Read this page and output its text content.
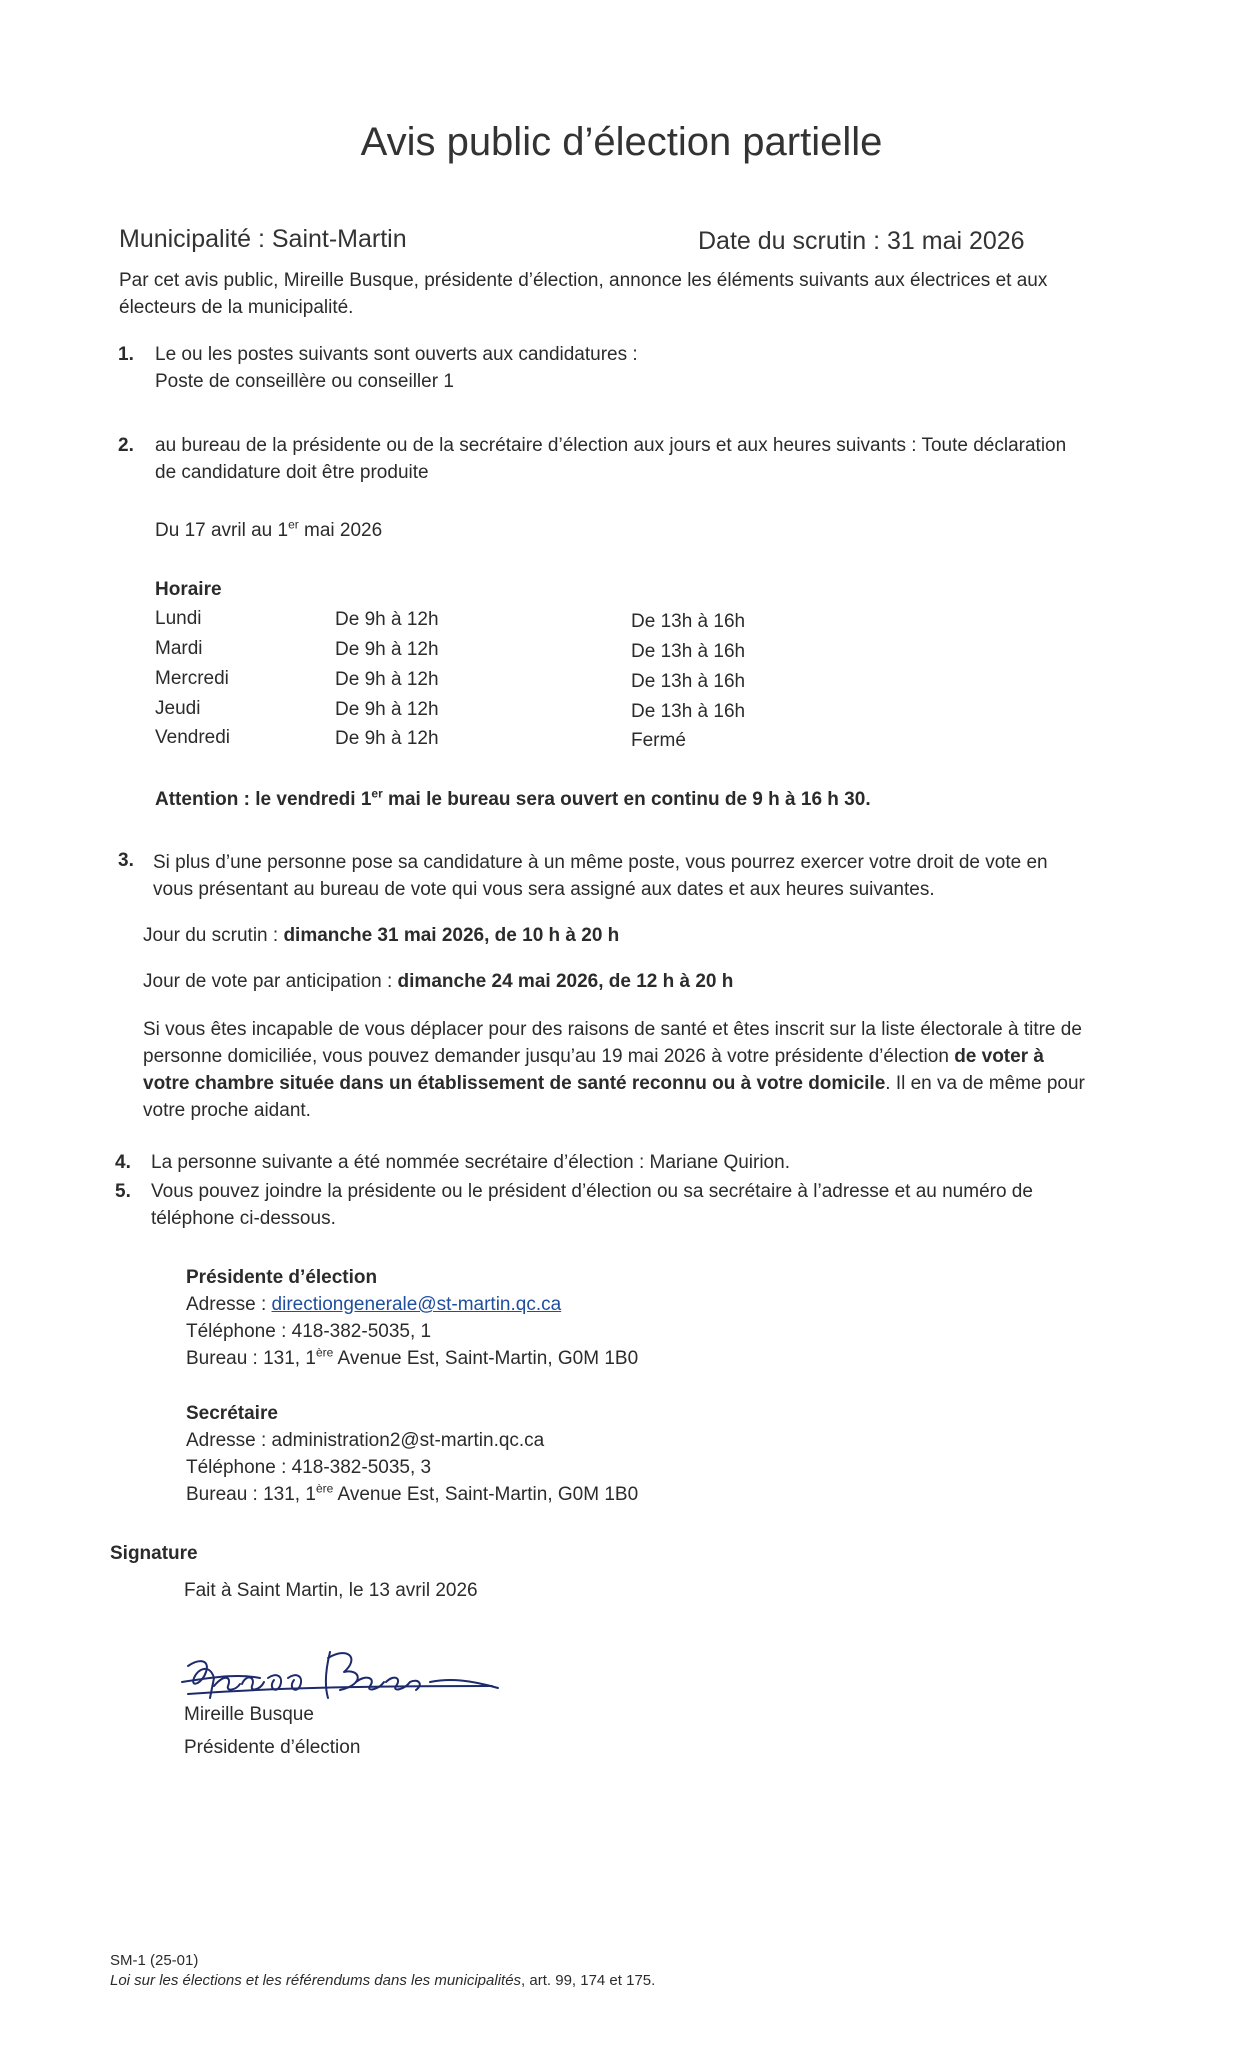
Avis public d’élection partielle
Municipalité : Saint-Martin	Date du scrutin : 31 mai 2026
Par cet avis public, Mireille Busque, présidente d’élection, annonce les éléments suivants aux électrices et aux
électeurs de la municipalité.
1. Le ou les postes suivants sont ouverts aux candidatures :
Poste de conseillère ou conseiller 1
2. au bureau de la présidente ou de la secrétaire d’élection aux jours et aux heures suivants : Toute déclaration
de candidature doit être produite
Du 17 avril au 1er mai 2026
Horaire
Lundi	De 9h à 12h	De 13h à 16h
Mardi	De 9h à 12h	De 13h à 16h
Mercredi	De 9h à 12h	De 13h à 16h
Jeudi	De 9h à 12h	De 13h à 16h
Vendredi	De 9h à 12h	Fermé
Attention : le vendredi 1er mai le bureau sera ouvert en continu de 9 h à 16 h 30.
3. Si plus d’une personne pose sa candidature à un même poste, vous pourrez exercer votre droit de vote en
vous présentant au bureau de vote qui vous sera assigné aux dates et aux heures suivantes.
Jour du scrutin : dimanche 31 mai 2026, de 10 h à 20 h
Jour de vote par anticipation : dimanche 24 mai 2026, de 12 h à 20 h
Si vous êtes incapable de vous déplacer pour des raisons de santé et êtes inscrit sur la liste électorale à titre de
personne domiciliée, vous pouvez demander jusqu’au 19 mai 2026 à votre présidente d’élection de voter à
votre chambre située dans un établissement de santé reconnu ou à votre domicile. Il en va de même pour
votre proche aidant.
4. La personne suivante a été nommée secrétaire d’élection : Mariane Quirion.
5. Vous pouvez joindre la présidente ou le président d’élection ou sa secrétaire à l’adresse et au numéro de
téléphone ci-dessous.
Présidente d’élection
Adresse : directiongenerale@st-martin.qc.ca
Téléphone : 418-382-5035, 1
Bureau : 131, 1ère Avenue Est, Saint-Martin, G0M 1B0
Secrétaire
Adresse : administration2@st-martin.qc.ca
Téléphone : 418-382-5035, 3
Bureau : 131, 1ère Avenue Est, Saint-Martin, G0M 1B0
Signature
Fait à Saint Martin, le 13 avril 2026
Mireille Busque
Présidente d’élection
SM-1 (25-01)
Loi sur les élections et les référendums dans les municipalités, art. 99, 174 et 175.
